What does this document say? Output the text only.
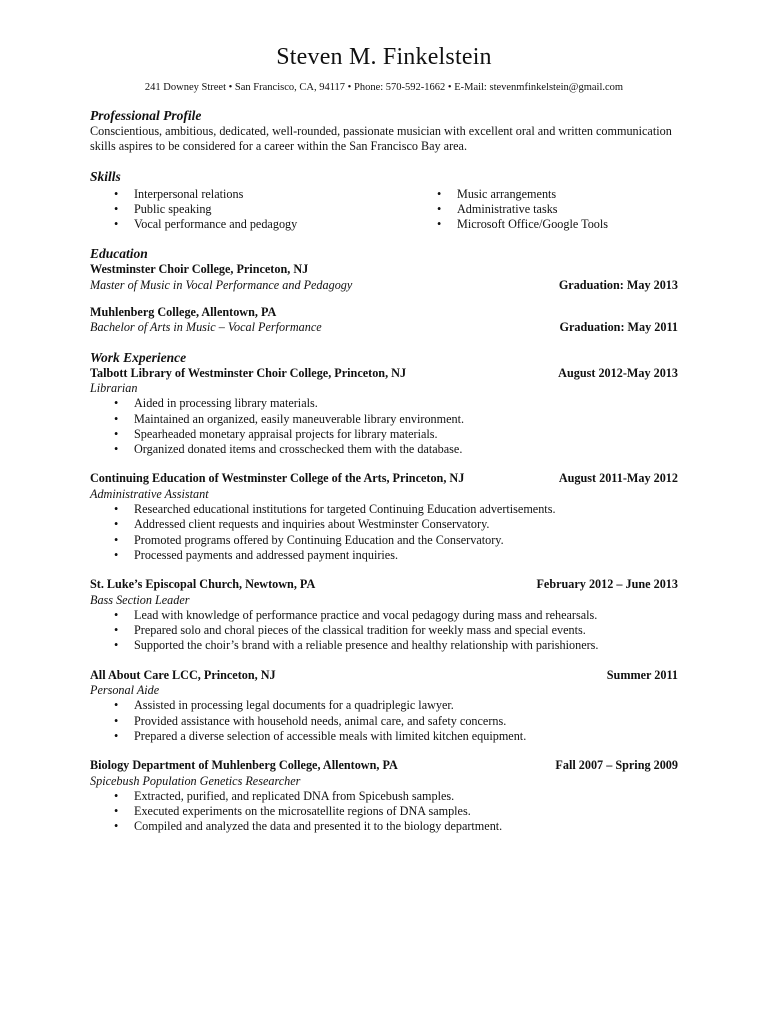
Steven M. Finkelstein
241 Downey Street • San Francisco, CA, 94117 • Phone: 570-592-1662 • E-Mail: stevenmfinkelstein@gmail.com
Professional Profile

Conscientious, ambitious, dedicated, well-rounded, passionate musician with excellent oral and written communication skills aspires to be considered for a career within the San Francisco Bay area.

Skills
• Interpersonal relations
• Public speaking
• Vocal performance and pedagogy
• Music arrangements
• Administrative tasks
• Microsoft Office/Google Tools
Education
Westminster Choir College, Princeton, NJ
Master of Music in Vocal Performance and Pedagogy	Graduation: May 2013
Muhlenberg College, Allentown, PA
Bachelor of Arts in Music – Vocal Performance	Graduation: May 2011
Work Experience
Talbott Library of Westminster Choir College, Princeton, NJ	August 2012-May 2013
Librarian
• Aided in processing library materials.
• Maintained an organized, easily maneuverable library environment.
• Spearheaded monetary appraisal projects for library materials.
• Organized donated items and crosschecked them with the database.
Continuing Education of Westminster College of the Arts, Princeton, NJ	August 2011-May 2012
Administrative Assistant
• Researched educational institutions for targeted Continuing Education advertisements.
• Addressed client requests and inquiries about Westminster Conservatory.
• Promoted programs offered by Continuing Education and the Conservatory.
• Processed payments and addressed payment inquiries.
St. Luke’s Episcopal Church, Newtown, PA	February 2012 – June 2013
Bass Section Leader
• Lead with knowledge of performance practice and vocal pedagogy during mass and rehearsals.
• Prepared solo and choral pieces of the classical tradition for weekly mass and special events.
• Supported the choir’s brand with a reliable presence and healthy relationship with parishioners.
All About Care LCC, Princeton, NJ	Summer 2011
Personal Aide
• Assisted in processing legal documents for a quadriplegic lawyer.
• Provided assistance with household needs, animal care, and safety concerns.
• Prepared a diverse selection of accessible meals with limited kitchen equipment.
Biology Department of Muhlenberg College, Allentown, PA	Fall 2007 – Spring 2009
Spicebush Population Genetics Researcher
• Extracted, purified, and replicated DNA from Spicebush samples.
• Executed experiments on the microsatellite regions of DNA samples.
• Compiled and analyzed the data and presented it to the biology department.
